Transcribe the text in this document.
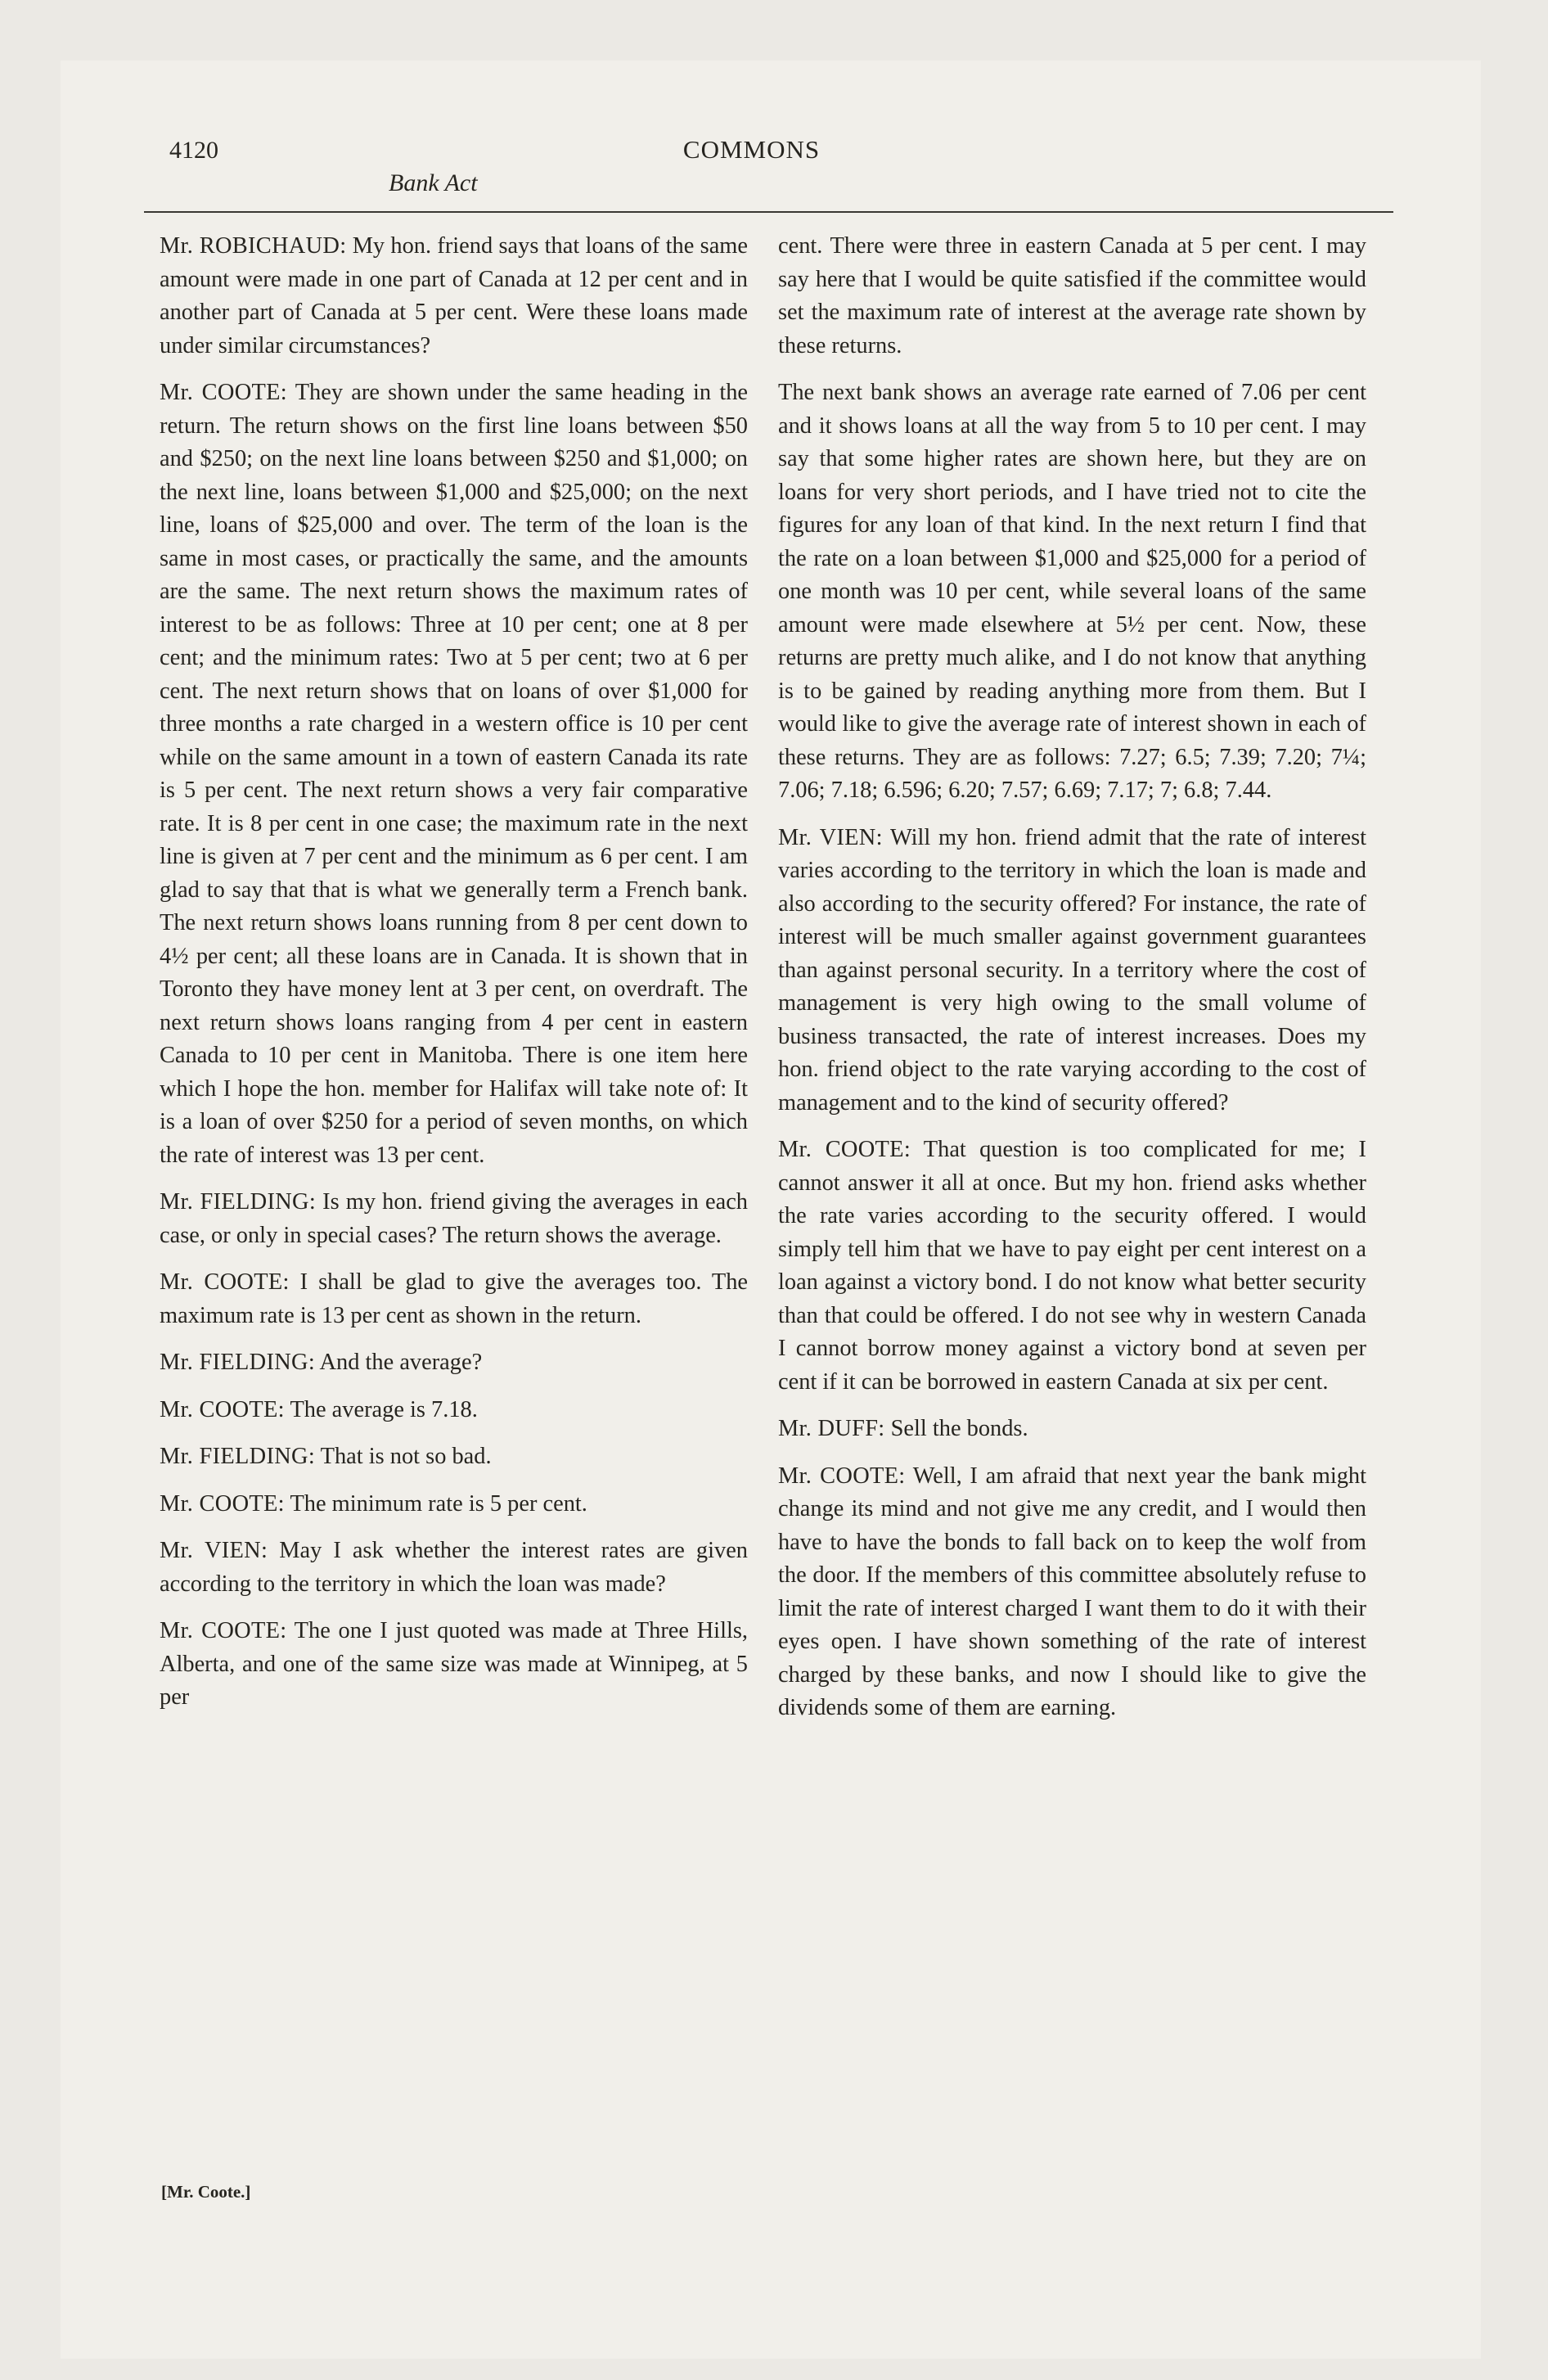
4120	COMMONS
Bank Act

Mr. ROBICHAUD: My hon. friend says that loans of the same amount were made in one part of Canada at 12 per cent and in another part of Canada at 5 per cent. Were these loans made under similar circumstances?

Mr. COOTE: They are shown under the same heading in the return. The return shows on the first line loans between $50 and $250; on the next line loans between $250 and $1,000; on the next line, loans between $1,000 and $25,000; on the next line, loans of $25,000 and over. The term of the loan is the same in most cases, or practically the same, and the amounts are the same. The next return shows the maximum rates of interest to be as follows: Three at 10 per cent; one at 8 per cent; and the minimum rates: Two at 5 per cent; two at 6 per cent. The next return shows that on loans of over $1,000 for three months a rate charged in a western office is 10 per cent while on the same amount in a town of eastern Canada its rate is 5 per cent. The next return shows a very fair comparative rate. It is 8 per cent in one case; the maximum rate in the next line is given at 7 per cent and the minimum as 6 per cent. I am glad to say that that is what we generally term a French bank. The next return shows loans running from 8 per cent down to 4½ per cent; all these loans are in Canada. It is shown that in Toronto they have money lent at 3 per cent, on overdraft. The next return shows loans ranging from 4 per cent in eastern Canada to 10 per cent in Manitoba. There is one item here which I hope the hon. member for Halifax will take note of: It is a loan of over $250 for a period of seven months, on which the rate of interest was 13 per cent.

Mr. FIELDING: Is my hon. friend giving the averages in each case, or only in special cases? The return shows the average.

Mr. COOTE: I shall be glad to give the averages too. The maximum rate is 13 per cent as shown in the return.

Mr. FIELDING: And the average?

Mr. COOTE: The average is 7.18.

Mr. FIELDING: That is not so bad.

Mr. COOTE: The minimum rate is 5 per cent.

Mr. VIEN: May I ask whether the interest rates are given according to the territory in which the loan was made?

Mr. COOTE: The one I just quoted was made at Three Hills, Alberta, and one of the same size was made at Winnipeg, at 5 per

cent. There were three in eastern Canada at 5 per cent. I may say here that I would be quite satisfied if the committee would set the maximum rate of interest at the average rate shown by these returns.

The next bank shows an average rate earned of 7.06 per cent and it shows loans at all the way from 5 to 10 per cent. I may say that some higher rates are shown here, but they are on loans for very short periods, and I have tried not to cite the figures for any loan of that kind. In the next return I find that the rate on a loan between $1,000 and $25,000 for a period of one month was 10 per cent, while several loans of the same amount were made elsewhere at 5½ per cent. Now, these returns are pretty much alike, and I do not know that anything is to be gained by reading anything more from them. But I would like to give the average rate of interest shown in each of these returns. They are as follows: 7.27; 6.5; 7.39; 7.20; 7¼; 7.06; 7.18; 6.596; 6.20; 7.57; 6.69; 7.17; 7; 6.8; 7.44.

Mr. VIEN: Will my hon. friend admit that the rate of interest varies according to the territory in which the loan is made and also according to the security offered? For instance, the rate of interest will be much smaller against government guarantees than against personal security. In a territory where the cost of management is very high owing to the small volume of business transacted, the rate of interest increases. Does my hon. friend object to the rate varying according to the cost of management and to the kind of security offered?

Mr. COOTE: That question is too complicated for me; I cannot answer it all at once. But my hon. friend asks whether the rate varies according to the security offered. I would simply tell him that we have to pay eight per cent interest on a loan against a victory bond. I do not know what better security than that could be offered. I do not see why in western Canada I cannot borrow money against a victory bond at seven per cent if it can be borrowed in eastern Canada at six per cent.

Mr. DUFF: Sell the bonds.

Mr. COOTE: Well, I am afraid that next year the bank might change its mind and not give me any credit, and I would then have to have the bonds to fall back on to keep the wolf from the door. If the members of this committee absolutely refuse to limit the rate of interest charged I want them to do it with their eyes open. I have shown something of the rate of interest charged by these banks, and now I should like to give the dividends some of them are earning.

[Mr. Coote.]
